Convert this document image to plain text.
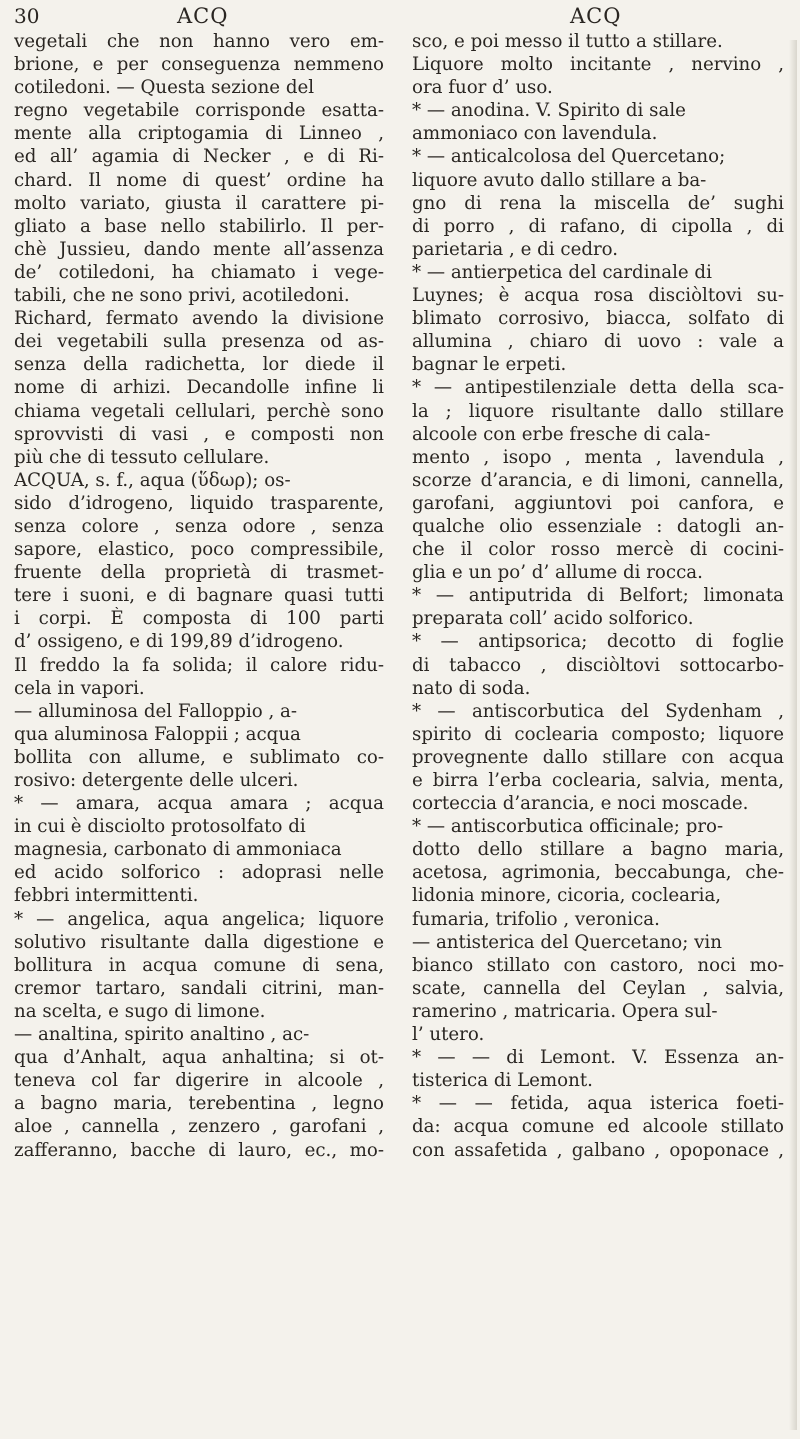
30	ACQ	ACQ
vegetali che non hanno vero em-
brione, e per conseguenza nemmeno
cotiledoni. — Questa sezione del
regno vegetabile corrisponde esatta-
mente alla criptogamia di Linneo ,
ed all’ agamia di Necker , e di Ri-
chard. Il nome di quest’ ordine ha
molto variato, giusta il carattere pi-
gliato a base nello stabilirlo. Il per-
chè Jussieu, dando mente all’assenza
de’ cotiledoni, ha chiamato i vege-
tabili, che ne sono privi, acotiledoni.
Richard, fermato avendo la divisione
dei vegetabili sulla presenza od as-
senza della radichetta, lor diede il
nome di arhizi. Decandolle infine li
chiama vegetali cellulari, perchè sono
sprovvisti di vasi , e composti non
più che di tessuto cellulare.
ACQUA, s. f., aqua (ὕδωρ); os-
sido d’idrogeno, liquido trasparente,
senza colore , senza odore , senza
sapore, elastico, poco compressibile,
fruente della proprietà di trasmet-
tere i suoni, e di bagnare quasi tutti
i corpi. È composta di 100 parti
d’ ossigeno, e di 199,89 d’idrogeno.
Il freddo la fa solida; il calore ridu-
cela in vapori.
— alluminosa del Falloppio , a-
qua aluminosa Faloppii ; acqua
bollita con allume, e sublimato co-
rosivo: detergente delle ulceri.
* — amara, acqua amara ; acqua
in cui è disciolto protosolfato di
magnesia, carbonato di ammoniaca
ed acido solforico : adoprasi nelle
febbri intermittenti.
* — angelica, aqua angelica; liquore
solutivo risultante dalla digestione e
bollitura in acqua comune di sena,
cremor tartaro, sandali citrini, man-
na scelta, e sugo di limone.
— analtina, spirito analtino , ac-
qua d’Anhalt, aqua anhaltina; si ot-
teneva col far digerire in alcoole ,
a bagno maria, terebentina , legno
aloe , cannella , zenzero , garofani ,
zafferanno, bacche di lauro, ec., mo-
sco, e poi messo il tutto a stillare.
Liquore molto incitante , nervino ,
ora fuor d’ uso.
* — anodina. V. Spirito di sale
ammoniaco con lavendula.
* — anticalcolosa del Quercetano;
liquore avuto dallo stillare a ba-
gno di rena la miscella de’ sughi
di porro , di rafano, di cipolla , di
parietaria , e di cedro.
* — antierpetica del cardinale di
Luynes; è acqua rosa disciòltovi su-
blimato corrosivo, biacca, solfato di
allumina , chiaro di uovo : vale a
bagnar le erpeti.
* — antipestilenziale detta della sca-
la ; liquore risultante dallo stillare
alcoole con erbe fresche di cala-
mento , isopo , menta , lavendula ,
scorze d’arancia, e di limoni, cannella,
garofani, aggiuntovi poi canfora, e
qualche olio essenziale : datogli an-
che il color rosso mercè di cocini-
glia e un po’ d’ allume di rocca.
* — antiputrida di Belfort; limonata
preparata coll’ acido solforico.
* — antipsorica; decotto di foglie
di tabacco , disciòltovi sottocarbo-
nato di soda.
* — antiscorbutica del Sydenham ,
spirito di coclearia composto; liquore
provegnente dallo stillare con acqua
e birra l’erba coclearia, salvia, menta,
corteccia d’arancia, e noci moscade.
* — antiscorbutica officinale; pro-
dotto dello stillare a bagno maria,
acetosa, agrimonia, beccabunga, che-
lidonia minore, cicoria, coclearia,
fumaria, trifolio , veronica.
— antisterica del Quercetano; vin
bianco stillato con castoro, noci mo-
scate, cannella del Ceylan , salvia,
ramerino , matricaria. Opera sul-
l’ utero.
* — — di Lemont. V. Essenza an-
tisterica di Lemont.
* — — fetida, aqua isterica foeti-
da: acqua comune ed alcoole stillato
con assafetida , galbano , opoponace ,
